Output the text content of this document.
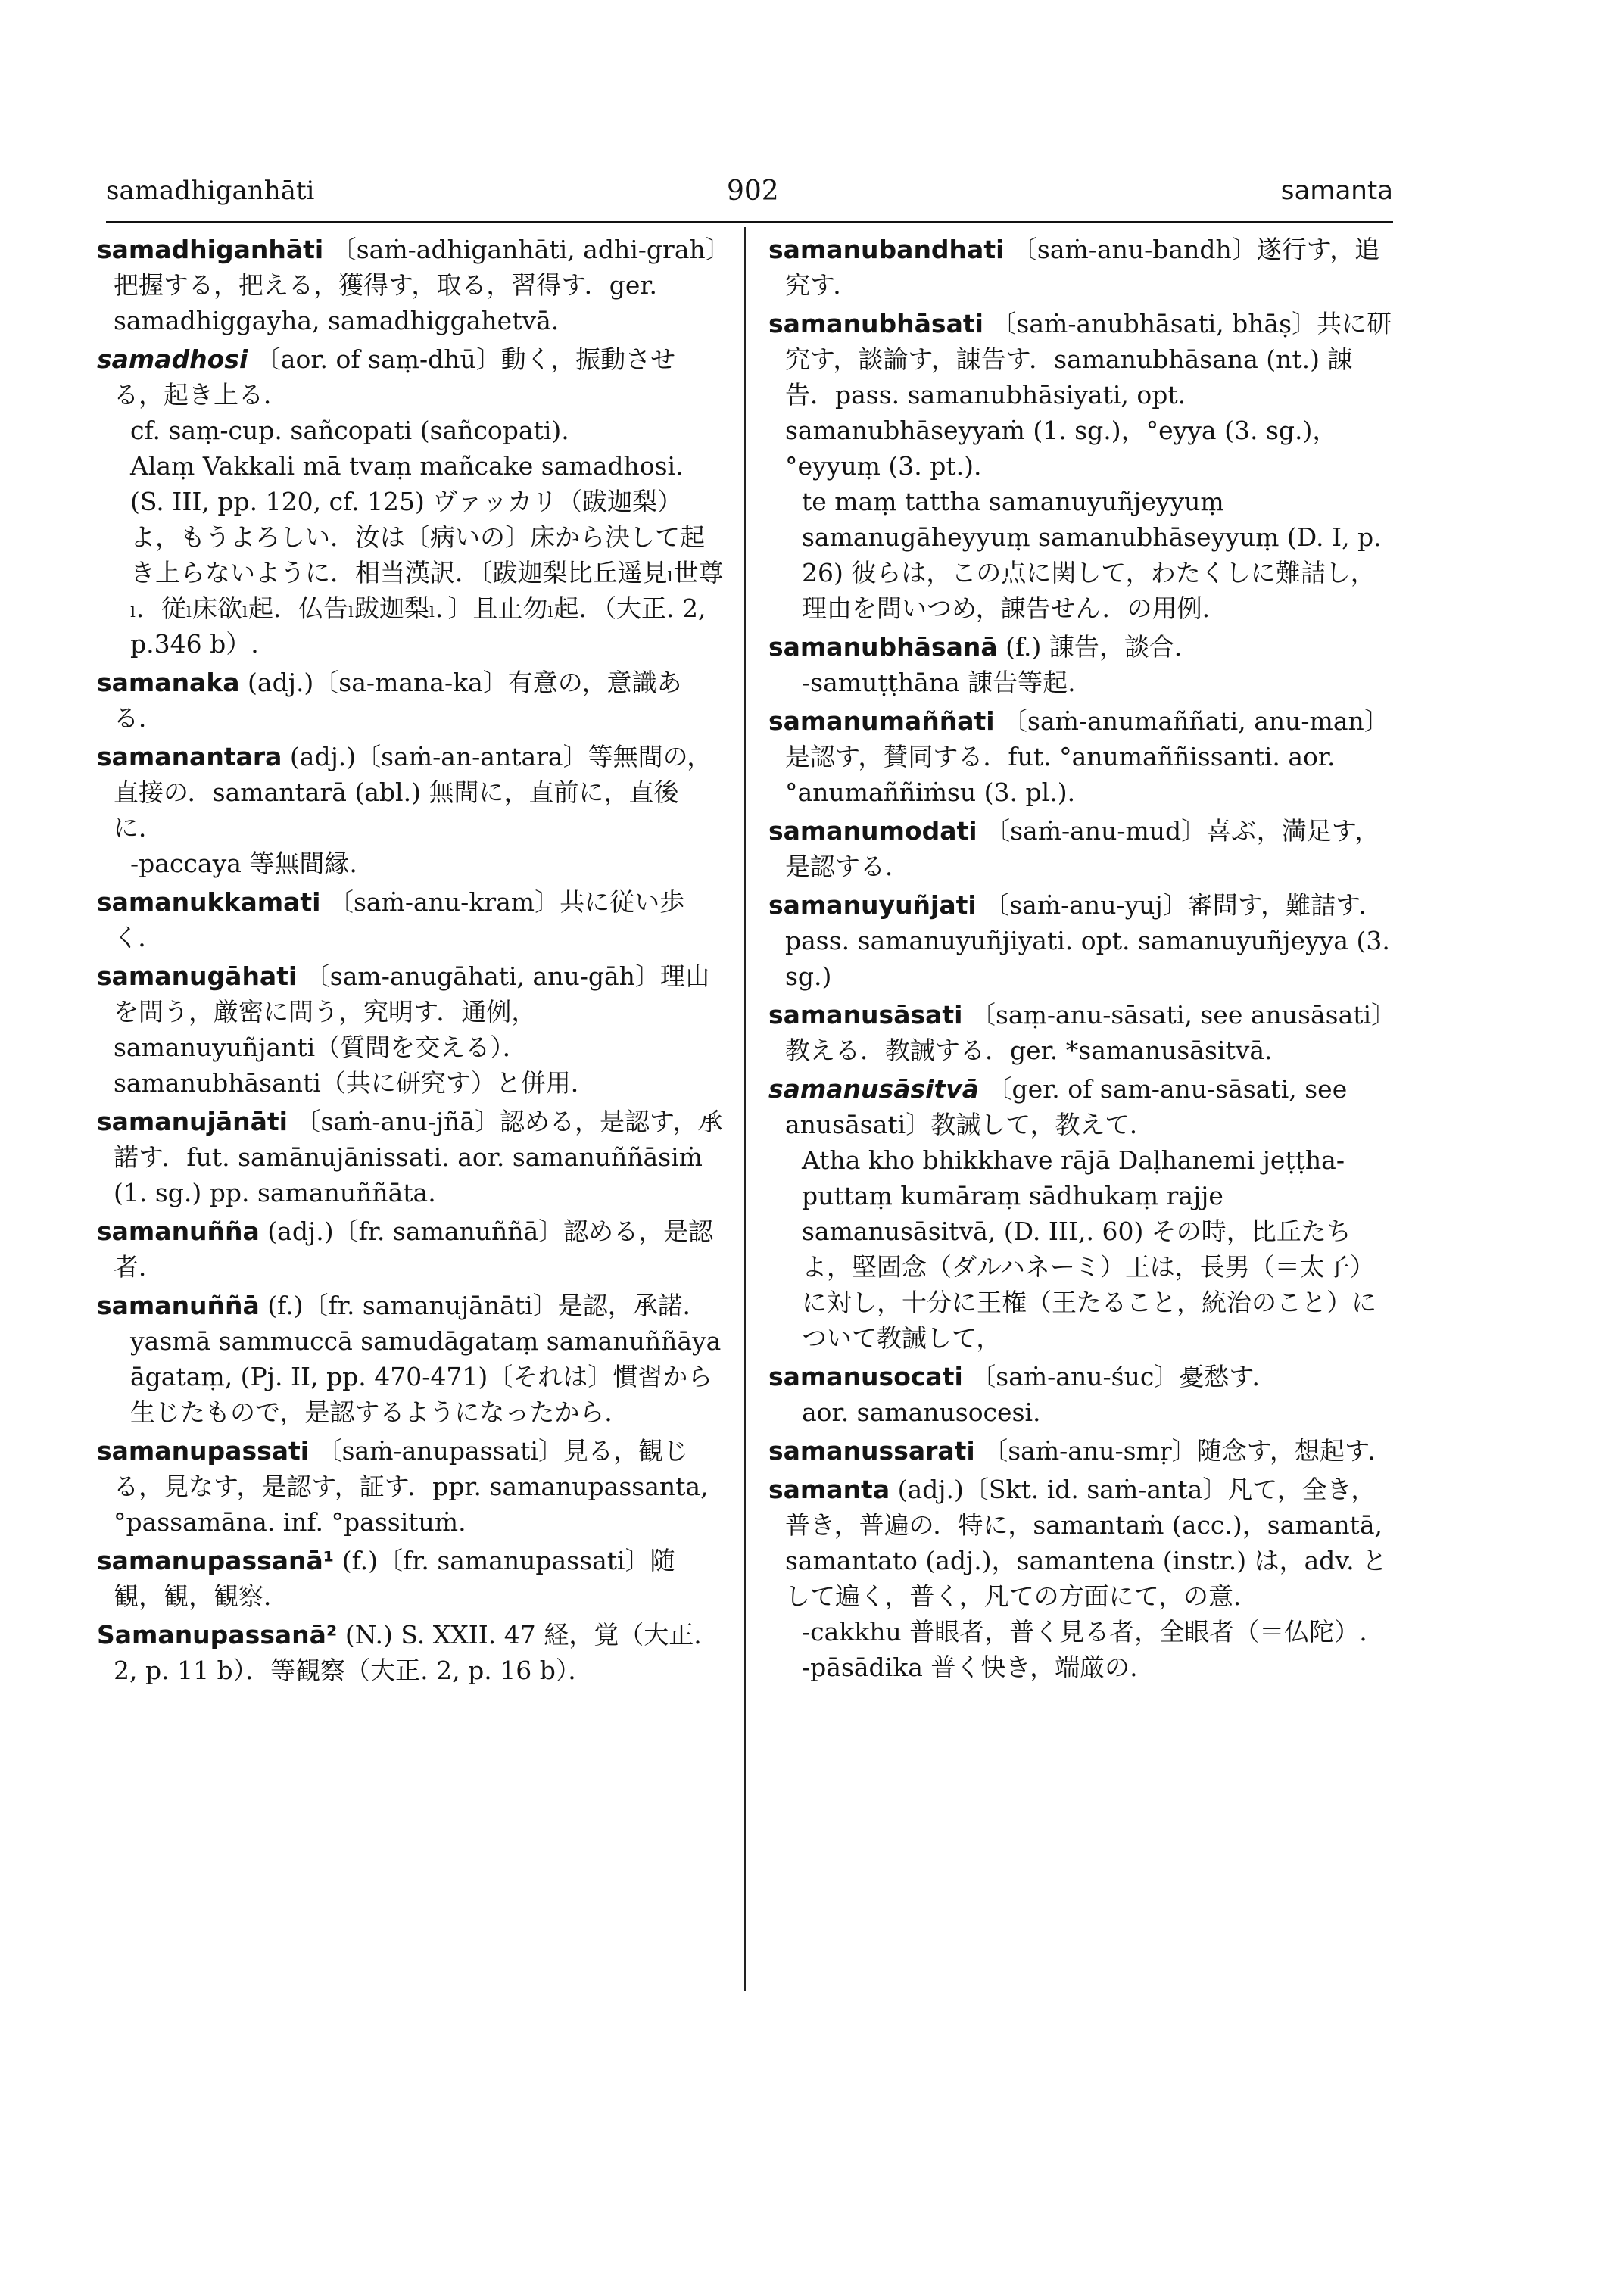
samadhiganhāti	902	samanta
samadhiganhāti 〔saṁ-adhiganhāti, adhi-grah〕把握する，把える，獲得す，取る，習得す．ger. samadhiggayha, samadhiggahetvā.
samadhosi 〔aor. of saṃ-dhū〕動く，振動させる，起き上る．
cf. saṃ-cup. sañcopati (sañcopati).
Alaṃ Vakkali mā tvaṃ mañcake samadhosi. (S. III, pp. 120, cf. 125) ヴァッカリ（跋迦梨）よ，もうよろしい．汝は〔病いの〕床から決して起き上らないように．相当漢訳．〔跋迦梨比丘遥見ₗ世尊ₗ．従ₗ床欲ₗ起．仏告ₗ跋迦梨ₗ．〕且止勿ₗ起．（大正. 2, p.346 b）.
samanaka (adj.)〔sa-mana-ka〕有意の，意識ある．
samanantara (adj.)〔saṁ-an-antara〕等無間の，直接の．samantarā (abl.) 無間に，直前に，直後に．
-paccaya 等無間縁.
samanukkamati 〔saṁ-anu-kram〕共に従い歩く．
samanugāhati 〔sam-anugāhati, anu-gāh〕理由を問う，厳密に問う，究明す．通例，samanuyuñjanti（質問を交える）．samanubhāsanti（共に研究す）と併用．
samanujānāti 〔saṁ-anu-jñā〕認める，是認す，承諾す．fut. samānujānissati. aor. samanuññāsiṁ (1. sg.) pp. samanuññāta.
samanuñña (adj.)〔fr. samanuññā〕認める，是認者．
samanuññā (f.)〔fr. samanujānāti〕是認，承諾．
yasmā sammuccā samudāgataṃ samanuññāya āgataṃ, (Pj. II, pp. 470-471)〔それは〕慣習から生じたもので，是認するようになったから．
samanupassati 〔saṁ-anupassati〕見る，観じる，見なす，是認す，証す．ppr. samanupassanta, °passamāna. inf. °passituṁ.
samanupassanā¹ (f.)〔fr. samanupassati〕随観，観，観察．
Samanupassanā² (N.) S. XXII. 47 経，覚（大正. 2, p. 11 b）．等観察（大正. 2, p. 16 b）．
samanubandhati 〔saṁ-anu-bandh〕遂行す，追究す．
samanubhāsati 〔saṁ-anubhāsati, bhāṣ〕共に研究す，談論す，諌告す．samanubhāsana (nt.) 諌告．pass. samanubhāsiyati, opt. samanubhāseyyaṁ (1. sg.)，°eyya (3. sg.)，°eyyuṃ (3. pt.).
te maṃ tattha samanuyuñjeyyuṃ samanugāheyyuṃ samanubhāseyyuṃ (D. I, p. 26) 彼らは，この点に関して，わたくしに難詰し，理由を問いつめ，諌告せん．の用例.
samanubhāsanā (f.) 諌告，談合．
-samuṭṭhāna 諌告等起.
samanumaññati 〔saṁ-anumaññati, anu-man〕是認す，賛同する．fut. °anumaññissanti. aor. °anumaññiṁsu (3. pl.).
samanumodati 〔saṁ-anu-mud〕喜ぶ，満足す，是認する．
samanuyuñjati 〔saṁ-anu-yuj〕審問す，難詰す．pass. samanuyuñjiyati. opt. samanuyuñjeyya (3. sg.)
samanusāsati 〔saṃ-anu-sāsati, see anusāsati〕教える．教誡する．ger. *samanusāsitvā.
samanusāsitvā 〔ger. of sam-anu-sāsati, see anusāsati〕教誡して，教えて．
Atha kho bhikkhave rājā Daḷhanemi jeṭṭha-puttaṃ kumāraṃ sādhukaṃ rajje samanusāsitvā, (D. III,. 60) その時，比丘たちよ，堅固念（ダルハネーミ）王は，長男（＝太子）に対し，十分に王権（王たること，統治のこと）について教誡して，
samanusocati 〔saṁ-anu-śuc〕憂愁す．
aor. samanusocesi.
samanussarati 〔saṁ-anu-smṛ〕随念す，想起す．
samanta (adj.)〔Skt. id. saṁ-anta〕凡て，全き，普き，普遍の．特に，samantaṁ (acc.)，samantā, samantato (adj.)，samantena (instr.) は，adv. として遍く，普く，凡ての方面にて，の意．
-cakkhu 普眼者，普く見る者，全眼者（＝仏陀）.
-pāsādika 普く快き，端厳の.
